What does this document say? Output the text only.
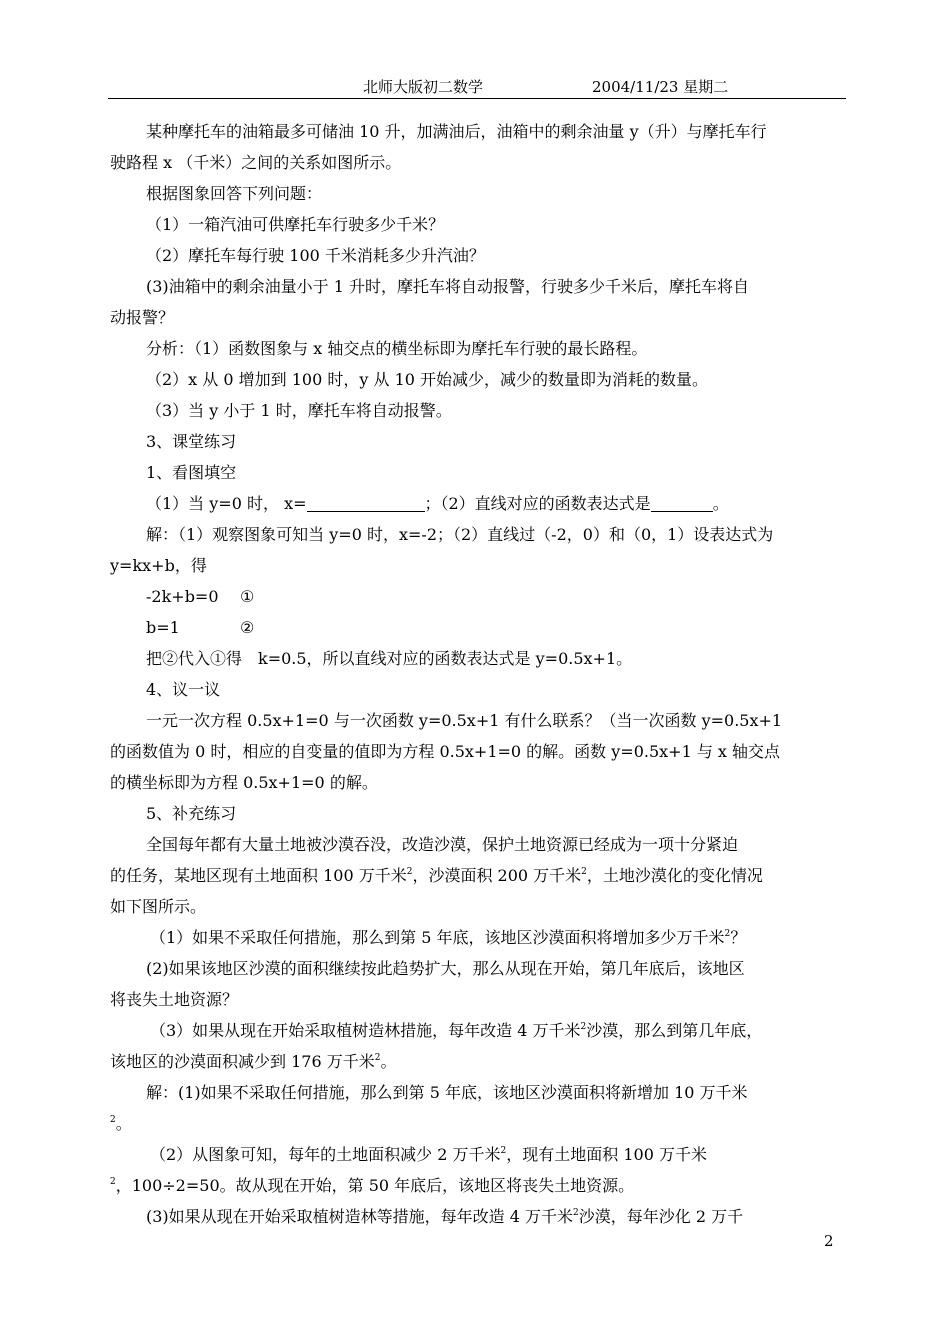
北师大版初二数学	2004/11/23 星期二
某种摩托车的油箱最多可储油 10 升，加满油后，油箱中的剩余油量 y（升）与摩托车行
驶路程 x （千米）之间的关系如图所示。
根据图象回答下列问题：
（1）一箱汽油可供摩托车行驶多少千米？
（2）摩托车每行驶 100 千米消耗多少升汽油？
(3)油箱中的剩余油量小于 1 升时，摩托车将自动报警，行驶多少千米后，摩托车将自
动报警？
分析：（1）函数图象与 x 轴交点的横坐标即为摩托车行驶的最长路程。
（2）x 从 0 增加到 100 时，y 从 10 开始减少，减少的数量即为消耗的数量。
（3）当 y 小于 1 时，摩托车将自动报警。
3、课堂练习
1、看图填空
（1）当 y=0 时， x=	；（2）直线对应的函数表达式是	。
解：（1）观察图象可知当 y=0 时，x=-2；（2）直线过（-2，0）和（0，1）设表达式为
y=kx+b，得
-2k+b=0 ①
b=1	②
把②代入①得　k=0.5，所以直线对应的函数表达式是 y=0.5x+1。
4、议一议
一元一次方程 0.5x+1=0 与一次函数 y=0.5x+1 有什么联系？（当一次函数 y=0.5x+1
的函数值为 0 时，相应的自变量的值即为方程 0.5x+1=0 的解。函数 y=0.5x+1 与 x 轴交点
的横坐标即为方程 0.5x+1=0 的解。
5、补充练习
全国每年都有大量土地被沙漠吞没，改造沙漠，保护土地资源已经成为一项十分紧迫
的任务，某地区现有土地面积 100 万千米$^2$，沙漠面积 200 万千米$^2$，土地沙漠化的变化情况
如下图所示。
（1）如果不采取任何措施，那么到第 5 年底，该地区沙漠面积将增加多少万千米$^2$？
(2)如果该地区沙漠的面积继续按此趋势扩大，那么从现在开始，第几年底后，该地区
将丧失土地资源？
（3）如果从现在开始采取植树造林措施，每年改造 4 万千米$^2$沙漠，那么到第几年底，
该地区的沙漠面积减少到 176 万千米$^2$。
解：(1)如果不采取任何措施，那么到第 5 年底，该地区沙漠面积将新增加 10 万千米
$^2$。
（2）从图象可知，每年的土地面积减少 2 万千米$^2$，现有土地面积 100 万千米
$^2$，100÷2=50。故从现在开始，第 50 年底后，该地区将丧失土地资源。
(3)如果从现在开始采取植树造林等措施，每年改造 4 万千米$^2$沙漠，每年沙化 2 万千
2
